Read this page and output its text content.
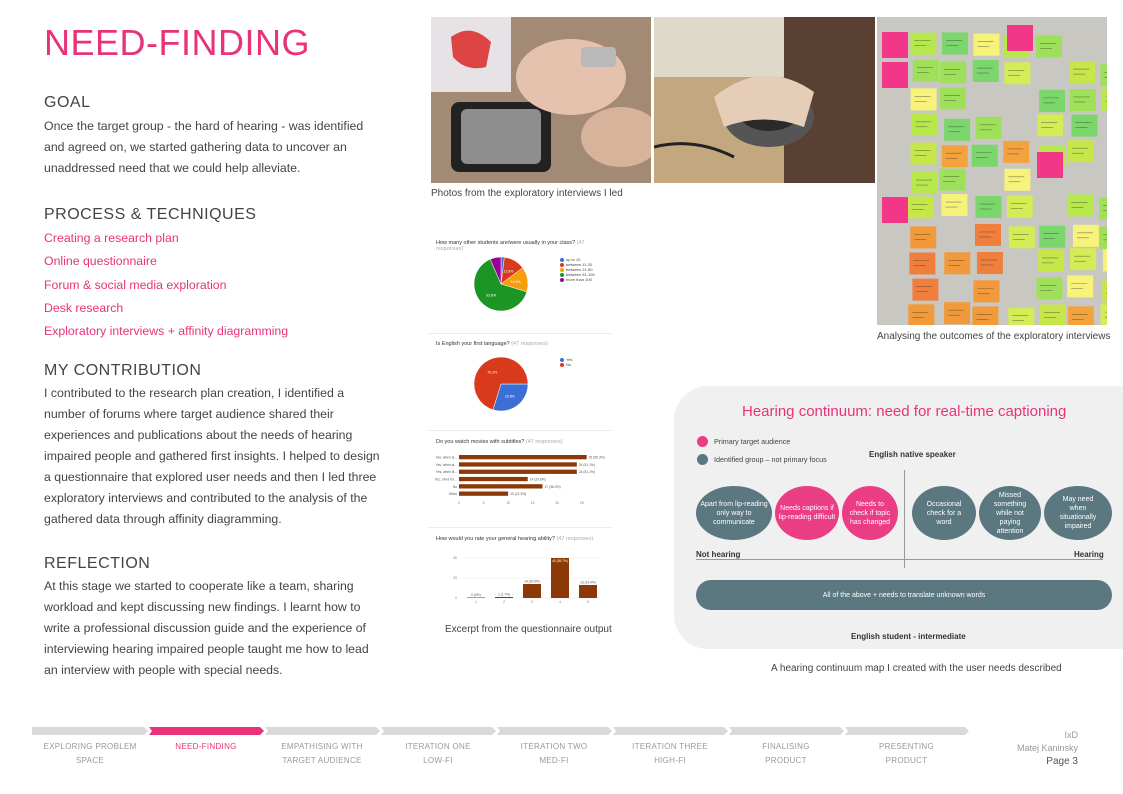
NEED-FINDING
GOAL
Once the target group - the hard of hearing - was identified
and agreed on, we started gathering data to uncover an
unaddressed need that we could help alleviate.
PROCESS & TECHNIQUES
Creating a research plan
Online questionnaire
Forum & social media exploration
Desk research
Exploratory interviews + affinity diagramming
MY CONTRIBUTION
I contributed to the research plan creation, I identified a
number of forums where target audience shared their
experiences and publications about the needs of hearing
impaired people and gathered first insights. I helped to design
a questionnaire that explored user needs and then I led three
exploratory interviews and contributed to the analysis of the
gathered data through affinity diagramming.
REFLECTION
At this stage we started to cooperate like a team, sharing
workload and kept discussing new findings. I learnt how to
write a professional discussion guide and the experience of
interviewing hearing impaired people taught me how to lead
an interview with people with special needs.
Photos from the exploratory interviews I led
Analysing the outcomes of the exploratory interviews
How many other students are/were usually in your class? (47 responses)
12.8%
14.9%
63.8%
up to 10
between 11-20
between 21-50
between 51-100
more than 100
Is English your first language? (47 responses)
29.8%
70.2%
Yes
No
Do you watch movies with subtitles? (47 responses)
Yes, when al...	26 (55.3%)
Yes, when al...	24 (51.1%)
Yes, when fil...	24 (51.1%)
Yes, I find it h...	14 (29.8%)
No	17 (36.2%)
Other	10 (21.3%)
0	5	10	15	20	25
How would you rate your general hearing ability? (47 responses)
0
20
40
0 (0%)
1
1 (1.7%)
2
14 (20.9%)
3
40 (59.7%)
4
13 (19.4%)
5
Excerpt from the questionnaire output
Hearing continuum: need for real-time captioning
Primary target audience
Identified group – not primary focus
English native speaker
Apart from lip-reading only way to communicate
Needs captions if lip-reading difficult
Needs to check if topic has changed
Occasional check for a word
Missed something while not paying attention
May need when situationally impaired
Not hearing	Hearing
All of the above + needs to translate unknown words
English student - intermediate
A hearing continuum map I created with the user needs described
EXPLORING PROBLEM
SPACE
NEED-FINDING	EMPATHISING WITH
TARGET AUDIENCE
ITERATION ONE
LOW-FI
ITERATION TWO
MED-FI
ITERATION THREE
HIGH-FI
FINALISING
PRODUCT
PRESENTING
PRODUCT
IxD
Matej Kaninsky
Page 3
